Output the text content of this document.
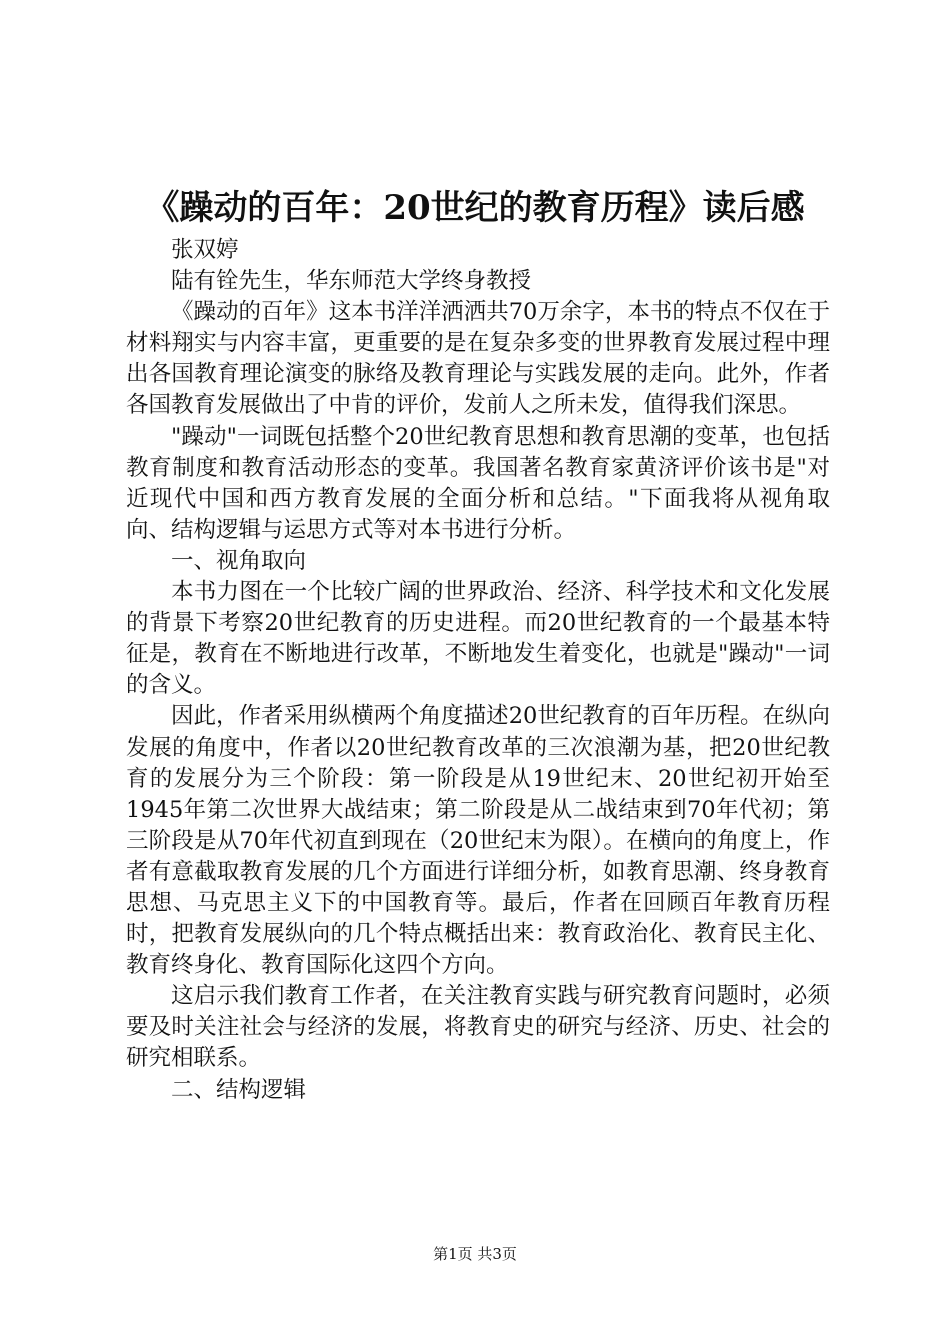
《躁动的百年：20世纪的教育历程》读后感

张双婷

陆有铨先生，华东师范大学终身教授

《躁动的百年》这本书洋洋洒洒共70万余字，本书的特点不仅在于材料翔实与内容丰富，更重要的是在复杂多变的世界教育发展过程中理出各国教育理论演变的脉络及教育理论与实践发展的走向。此外，作者各国教育发展做出了中肯的评价，发前人之所未发，值得我们深思。

"躁动"一词既包括整个20世纪教育思想和教育思潮的变革，也包括教育制度和教育活动形态的变革。我国著名教育家黄济评价该书是"对近现代中国和西方教育发展的全面分析和总结。"下面我将从视角取向、结构逻辑与运思方式等对本书进行分析。

一、视角取向

本书力图在一个比较广阔的世界政治、经济、科学技术和文化发展的背景下考察20世纪教育的历史进程。而20世纪教育的一个最基本特征是，教育在不断地进行改革，不断地发生着变化，也就是"躁动"一词的含义。

因此，作者采用纵横两个角度描述20世纪教育的百年历程。在纵向发展的角度中，作者以20世纪教育改革的三次浪潮为基，把20世纪教育的发展分为三个阶段：第一阶段是从19世纪末、20世纪初开始至1945年第二次世界大战结束；第二阶段是从二战结束到70年代初；第三阶段是从70年代初直到现在（20世纪末为限）。在横向的角度上，作者有意截取教育发展的几个方面进行详细分析，如教育思潮、终身教育思想、马克思主义下的中国教育等。最后，作者在回顾百年教育历程时，把教育发展纵向的几个特点概括出来：教育政治化、教育民主化、教育终身化、教育国际化这四个方向。

这启示我们教育工作者，在关注教育实践与研究教育问题时，必须要及时关注社会与经济的发展，将教育史的研究与经济、历史、社会的研究相联系。

二、结构逻辑

第1页 共3页
